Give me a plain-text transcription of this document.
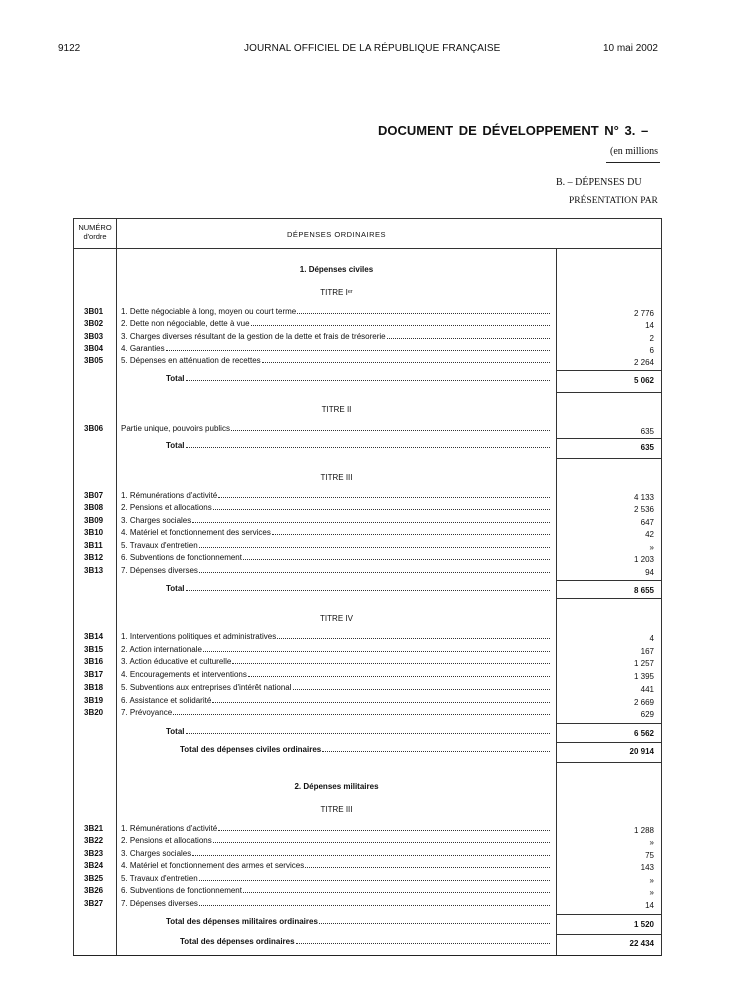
9122	JOURNAL OFFICIEL DE LA RÉPUBLIQUE FRANÇAISE	10 mai 2002
DOCUMENT DE DÉVELOPPEMENT N° 3. –
(en millions
B. – DÉPENSES DU
PRÉSENTATION PAR
NUMÉRO
d'ordre	DÉPENSES ORDINAIRES
1. Dépenses civiles
TITRE Iᵉʳ
3B01 1. Dette négociable à long, moyen ou court terme	2 776
3B02 2. Dette non négociable, dette à vue	14
3B03 3. Charges diverses résultant de la gestion de la dette et frais de trésorerie	2
3B04 4. Garanties	6
3B05 5. Dépenses en atténuation de recettes	2 264
Total	5 062
TITRE II
3B06 Partie unique, pouvoirs publics	635
Total	635
TITRE III
3B07 1. Rémunérations d'activité	4 133
3B08 2. Pensions et allocations	2 536
3B09 3. Charges sociales	647
3B10 4. Matériel et fonctionnement des services	42
3B11 5. Travaux d'entretien	»
3B12 6. Subventions de fonctionnement	1 203
3B13 7. Dépenses diverses	94
Total	8 655
TITRE IV
3B14 1. Interventions politiques et administratives	4
3B15 2. Action internationale	167
3B16 3. Action éducative et culturelle	1 257
3B17 4. Encouragements et interventions	1 395
3B18 5. Subventions aux entreprises d'intérêt national	441
3B19 6. Assistance et solidarité	2 669
3B20 7. Prévoyance	629
Total	6 562
Total des dépenses civiles ordinaires	20 914
2. Dépenses militaires
TITRE III
3B21 1. Rémunérations d'activité	1 288
3B22 2. Pensions et allocations	»
3B23 3. Charges sociales	75
3B24 4. Matériel et fonctionnement des armes et services	143
3B25 5. Travaux d'entretien	»
3B26 6. Subventions de fonctionnement	»
3B27 7. Dépenses diverses	14
Total des dépenses militaires ordinaires	1 520
Total des dépenses ordinaires	22 434
